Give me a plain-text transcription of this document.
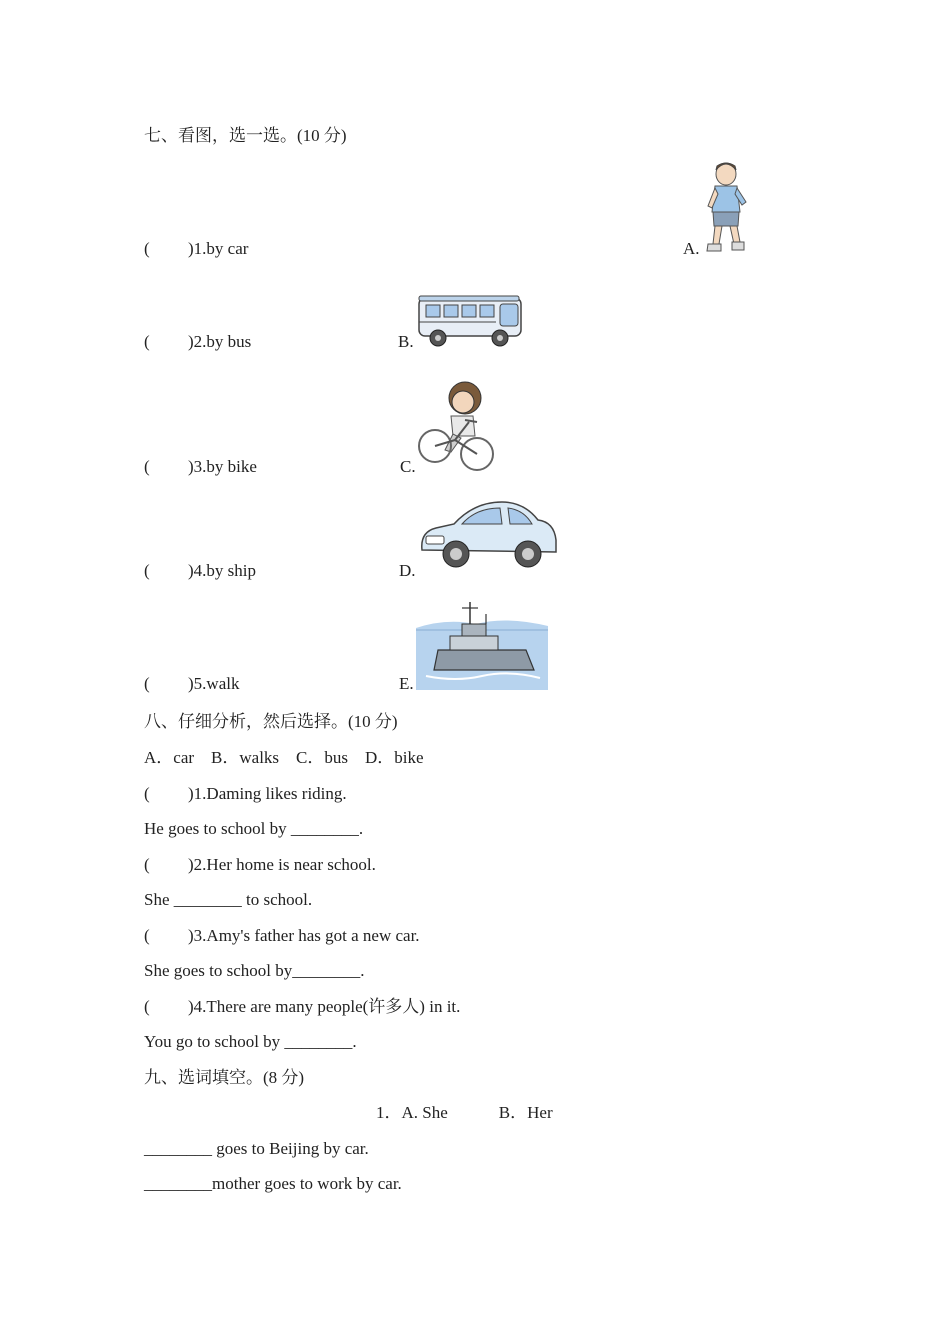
七、看图，选一选。(10 分)
( )1.by car
( )2.by bus
( )3.by bike
( )4.by ship
( )5.walk
A.
B.
C.
D.
E.
八、仔细分析，然后选择。(10 分)
A．car    B．walks    C．bus    D．bike
( )1.Daming likes riding.
He goes to school by ________.
( )2.Her home is near school.
She ________ to school.
( )3.Amy's father has got a new car.
She goes to school by________.
( )4.There are many people(许多人) in it.
You go to school by ________.
九、选词填空。(8 分)
1．A. She            B．Her
________ goes to Beijing by car.
________mother goes to work by car.
